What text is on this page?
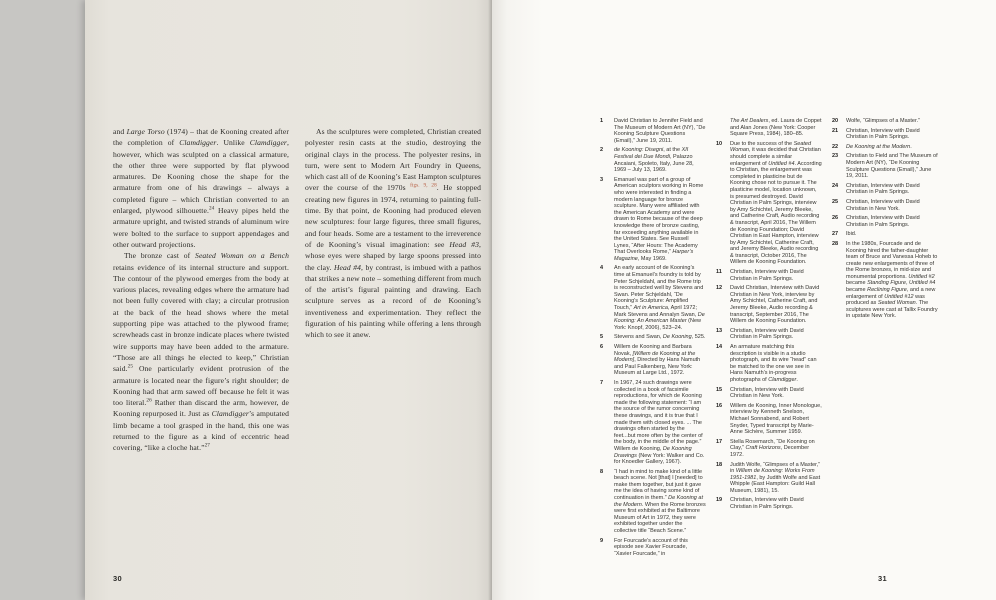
and Large Torso (1974) – that de Kooning created after the completion of Clamdigger. Unlike Clamdigger, however, which was sculpted on a classical armature, the other three were supported by flat plywood armatures. De Kooning chose the shape for the armature from one of his drawings – always a completed figure – which Christian converted to an enlarged, plywood silhouette.$^{24}$ Heavy pipes held the armature upright, and twisted strands of aluminum wire were bolted to the surface to support appendages and other outward projections.

The bronze cast of Seated Woman on a Bench retains evidence of its internal structure and support. The contour of the plywood emerges from the body at various places, revealing edges where the armature had not been fully covered with clay; a circular protrusion at the back of the head shows where the metal supporting pipe was attached to the plywood frame; screwheads cast in bronze indicate places where twisted wire supports may have been added to the armature. “Those are all things he elected to keep,” Christian said.$^{25}$ One particularly evident protrusion of the armature is located near the figure’s right shoulder; de Kooning had that arm sawed off because he felt it was too literal.$^{26}$ Rather than discard the arm, however, de Kooning repurposed it. Just as Clamdigger’s amputated limb became a tool grasped in the hand, this one was returned to the figure as a kind of eccentric head covering, “like a cloche hat.”$^{27}$

As the sculptures were completed, Christian created polyester resin casts at the studio, destroying the original clays in the process. The polyester resins, in turn, were sent to Modern Art Foundry in Queens, which cast all of de Kooning’s East Hampton sculptures over the course of the 1970s $^{figs. 9, 28}$. He stopped creating new figures in 1974, returning to painting full-time. By that point, de Kooning had produced eleven new sculptures: four large figures, three small figures, and four heads. Some are a testament to the irreverence of de Kooning’s visual imagination: see Head #3, whose eyes were shaped by large spoons pressed into the clay. Head #4, by contrast, is imbued with a pathos that strikes a new note – something different from much of the artist’s figural painting and drawing. Each sculpture serves as a record of de Kooning’s inventiveness and experimentation. They reflect the figuration of his painting while offering a lens through which to see it anew.

30
1 David Christian to Jennifer Field and The Museum of Modern Art (NY), “De Kooning Sculpture Questions (Email),” June 19, 2011.
2 de Kooning: Disegni, at the XII Festival dei Due Mondi, Palazzo Ancaiani, Spoleto, Italy, June 28, 1969 – July 13, 1969.
3 Emanuel was part of a group of American sculptors working in Rome who were interested in finding a modern language for bronze sculpture. Many were affiliated with the American Academy and were drawn to Rome because of the deep knowledge there of bronze casting, far exceeding anything available in the United States. See Russell Lynes, “After Hours: The Academy That Overlooks Rome,” Harper’s Magazine, May 1969.
4 An early account of de Kooning’s time at Emanuel’s foundry is told by Peter Schjeldahl, and the Rome trip is reconstructed well by Stevens and Swan. Peter Schjeldahl, “De Kooning’s Sculpture: Amplified Touch,” Art in America, April 1972; Mark Stevens and Annalyn Swan, De Kooning: An American Master (New York: Knopf, 2006), 523–24.
5 Stevens and Swan, De Kooning, 525.
6 Willem de Kooning and Barbara Novak, [Willem de Kooning at the Modern], Directed by Hans Namuth and Paul Falkenberg, New York: Museum at Large Ltd., 1972.
7 In 1967, 24 such drawings were collected in a book of facsimile reproductions, for which de Kooning made the following statement: “I am the source of the rumor concerning these drawings, and it is true that I made them with closed eyes. ... The drawings often started by the feet...but more often by the center of the body, in the middle of the page.” Willem de Kooning, De Kooning Drawings (New York: Walker and Co. for Knoedler Gallery, 1967).
8 “I had in mind to make kind of a little beach scene. Not [that] I [needed] to make them together, but just it gave me the idea of having some kind of continuation in them.” De Kooning at the Modern. When the Rome bronzes were first exhibited at the Baltimore Museum of Art in 1972, they were exhibited together under the collective title “Beach Scene.”
9 For Fourcade’s account of this episode see Xavier Fourcade, “Xavier Fourcade,” in
The Art Dealers, ed. Laura de Coppet and Alan Jones (New York: Cooper Square Press, 1984), 180–85.
10 Due to the success of the Seated Woman, it was decided that Christian should complete a similar enlargement of Untitled #4. According to Christian, the enlargement was completed in plasticine but de Kooning chose not to pursue it. The plasticine model, location unknown, is presumed destroyed. David Christian in Palm Springs, interview by Amy Schichtel, Jeremy Bleeke, and Catherine Craft, Audio recording & transcript, April 2016, The Willem de Kooning Foundation; David Christian in East Hampton, interview by Amy Schichtel, Catherine Craft, and Jeremy Bleeke, Audio recording & transcript, October 2016, The Willem de Kooning Foundation.
11 Christian, Interview with David Christian in Palm Springs.
12 David Christian, Interview with David Christian in New York, interview by Amy Schichtel, Catherine Craft, and Jeremy Bleeke, Audio recording & transcript, September 2016, The Willem de Kooning Foundation.
13 Christian, Interview with David Christian in Palm Springs.
14 An armature matching this description is visible in a studio photograph, and its wire “head” can be matched to the one we see in Hans Namuth’s in-progress photographs of Clamdigger.
15 Christian, Interview with David Christian in New York.
16 Willem de Kooning, Inner Monologue, interview by Kenneth Snelson, Michael Sonnabend, and Robert Snyder, Typed transcript by Marie-Anne Sichère, Summer 1959.
17 Stella Rosemarch, “De Kooning on Clay,” Craft Horizons, December 1972.
18 Judith Wolfe, “Glimpses of a Master,” in Willem de Kooning: Works From 1951-1981, by Judith Wolfe and East Whipple (East Hampton: Guild Hall Museum, 1981), 15.
19 Christian, Interview with David Christian in Palm Springs.
20 Wolfe, “Glimpses of a Master.”
21 Christian, Interview with David Christian in Palm Springs.
22 De Kooning at the Modern.
23 Christian to Field and The Museum of Modern Art (NY), “De Kooning Sculpture Questions (Email),” June 19, 2011.
24 Christian, Interview with David Christian in Palm Springs.
25 Christian, Interview with David Christian in New York.
26 Christian, Interview with David Christian in Palm Springs.
27 Ibid.
28 In the 1980s, Fourcade and de Kooning hired the father-daughter team of Bruce and Vanessa Hoheb to create new enlargements of three of the Rome bronzes, in mid-size and monumental proportions. Untitled #2 became Standing Figure, Untitled #4 became Reclining Figure, and a new enlargement of Untitled #12 was produced as Seated Woman. The sculptures were cast at Tallix Foundry in upstate New York.
31
